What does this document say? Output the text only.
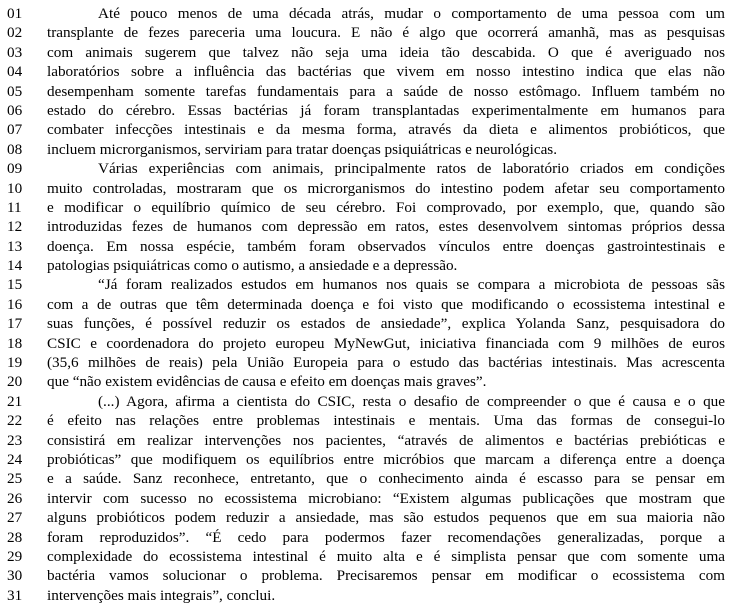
01	Até pouco menos de uma década atrás, mudar o comportamento de uma pessoa com um
02	transplante de fezes pareceria uma loucura. E não é algo que ocorrerá amanhã, mas as pesquisas
03	com animais sugerem que talvez não seja uma ideia tão descabida. O que é averiguado nos
04	laboratórios sobre a influência das bactérias que vivem em nosso intestino indica que elas não
05	desempenham somente tarefas fundamentais para a saúde de nosso estômago. Influem também no
06	estado do cérebro. Essas bactérias já foram transplantadas experimentalmente em humanos para
07	combater infecções intestinais e da mesma forma, através da dieta e alimentos probióticos, que
08	incluem microrganismos, serviriam para tratar doenças psiquiátricas e neurológicas.
09	Várias experiências com animais, principalmente ratos de laboratório criados em condições
10	muito controladas, mostraram que os microrganismos do intestino podem afetar seu comportamento
11	e modificar o equilíbrio químico de seu cérebro. Foi comprovado, por exemplo, que, quando são
12	introduzidas fezes de humanos com depressão em ratos, estes desenvolvem sintomas próprios dessa
13	doença. Em nossa espécie, também foram observados vínculos entre doenças gastrointestinais e
14	patologias psiquiátricas como o autismo, a ansiedade e a depressão.
15	“Já foram realizados estudos em humanos nos quais se compara a microbiota de pessoas sãs
16	com a de outras que têm determinada doença e foi visto que modificando o ecossistema intestinal e
17	suas funções, é possível reduzir os estados de ansiedade”, explica Yolanda Sanz, pesquisadora do
18	CSIC e coordenadora do projeto europeu MyNewGut, iniciativa financiada com 9 milhões de euros
19	(35,6 milhões de reais) pela União Europeia para o estudo das bactérias intestinais. Mas acrescenta
20	que “não existem evidências de causa e efeito em doenças mais graves”.
21	(...) Agora, afirma a cientista do CSIC, resta o desafio de compreender o que é causa e o que
22	é efeito nas relações entre problemas intestinais e mentais. Uma das formas de consegui-lo
23	consistirá em realizar intervenções nos pacientes, “através de alimentos e bactérias prebióticas e
24	probióticas” que modifiquem os equilíbrios entre micróbios que marcam a diferença entre a doença
25	e a saúde. Sanz reconhece, entretanto, que o conhecimento ainda é escasso para se pensar em
26	intervir com sucesso no ecossistema microbiano: “Existem algumas publicações que mostram que
27	alguns probióticos podem reduzir a ansiedade, mas são estudos pequenos que em sua maioria não
28	foram reproduzidos”. “É cedo para podermos fazer recomendações generalizadas, porque a
29	complexidade do ecossistema intestinal é muito alta e é simplista pensar que com somente uma
30	bactéria vamos solucionar o problema. Precisaremos pensar em modificar o ecossistema com
31	intervenções mais integrais”, conclui.
